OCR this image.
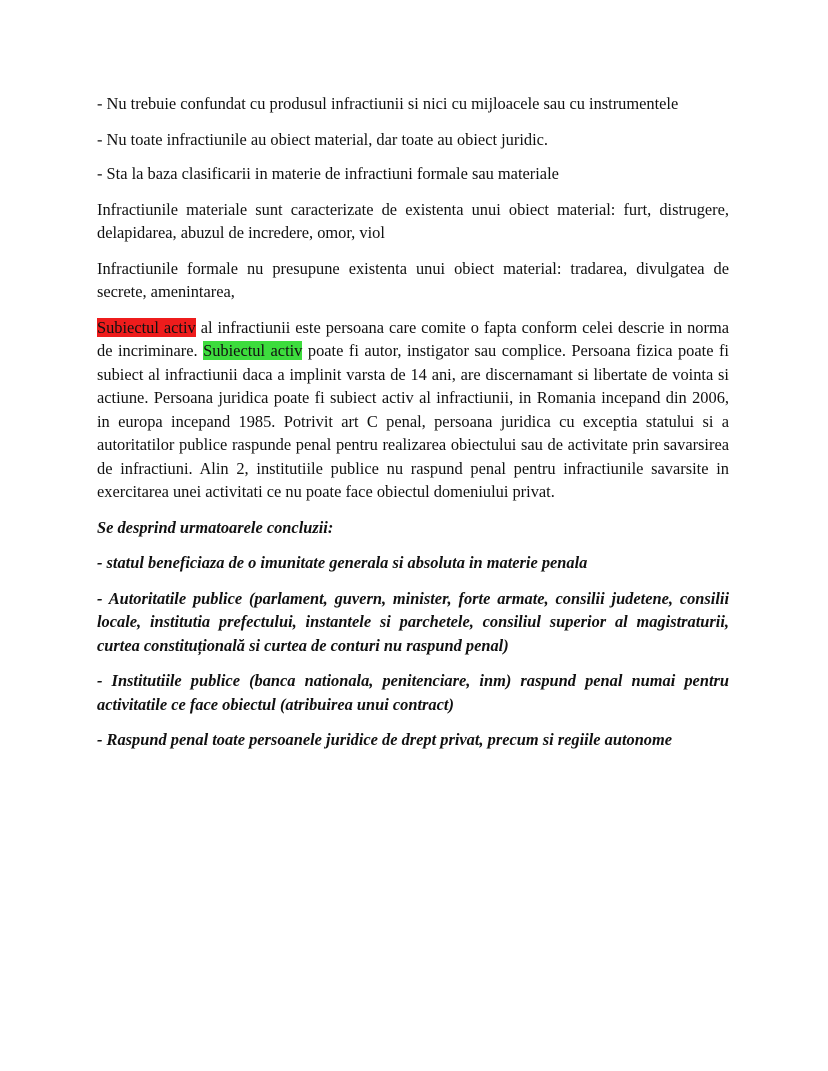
- Nu trebuie confundat cu produsul infractiunii si nici cu mijloacele sau cu instrumentele

- Nu toate infractiunile au obiect material, dar toate au obiect juridic.

- Sta la baza clasificarii in materie de infractiuni formale sau materiale

Infractiunile materiale sunt caracterizate de existenta unui obiect material: furt, distrugere, delapidarea, abuzul de incredere, omor, viol

Infractiunile formale nu presupune existenta unui obiect material: tradarea, divulgatea de secrete, amenintarea,

Subiectul activ al infractiunii este persoana care comite o fapta conform celei descrie in norma de incriminare. Subiectul activ poate fi autor, instigator sau complice. Persoana fizica poate fi subiect al infractiunii daca a implinit varsta de 14 ani, are discernamant si libertate de vointa si actiune. Persoana juridica poate fi subiect activ al infractiunii, in Romania incepand din 2006, in europa incepand 1985. Potrivit art C penal, persoana juridica cu exceptia statului si a autoritatilor publice raspunde penal pentru realizarea obiectului sau de activitate prin savarsirea de infractiuni. Alin 2, institutiile publice nu raspund penal pentru infractiunile savarsite in exercitarea unei activitati ce nu poate face obiectul domeniului privat.

Se desprind urmatoarele concluzii:

- statul beneficiaza de o imunitate generala si absoluta in materie penala

- Autoritatile publice (parlament, guvern, minister, forte armate, consilii judetene, consilii locale, institutia prefectului, instantele si parchetele, consiliul superior al magistraturii, curtea constituțională si curtea de conturi nu raspund penal)

- Institutiile publice (banca nationala, penitenciare, inm) raspund penal numai pentru activitatile ce face obiectul (atribuirea unui contract)

- Raspund penal toate persoanele juridice de drept privat, precum si regiile autonome
